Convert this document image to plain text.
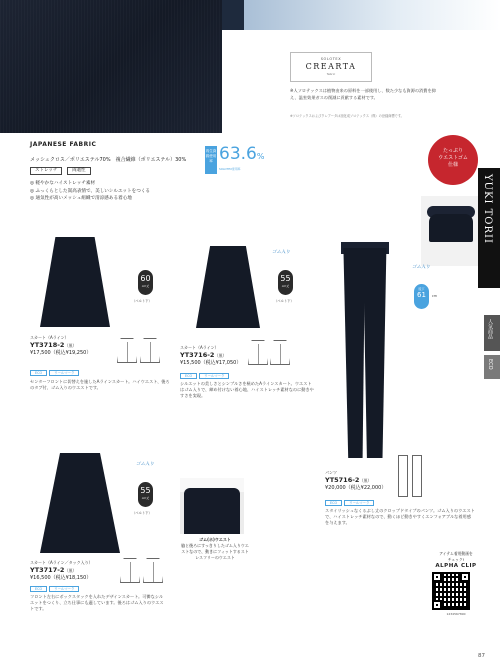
SOLOTEX
CREARTA
fabric
※人ソロテックスは植物由来の原料を一部使用し、数た少なも資源の消費を抑え、温室効果ガスの削減に貢献する素材です。
※ソロテックスおよびクレアータは旭化成ソロテックス（株）の登録商標です。
JAPANESE FABRIC
メッシュクロス／ポリエステル70%　複合繊維（ポリエステル）30%
ストレッチ	両適性
◎ 軽やかなハイストレッチ素材
◎ ふっくらとした嵩高表情で、美しいシルエットをつくる
◎ 通気性が高いメッシュ組織で清涼感ある着心地
再生資源使用率 63.6%
SOLOTEX使用率
たっぷり
ウエストゴム
仕様
YUKI TORII
人気商品
ECO
60
cm丈
（ベルト下）
スカート（Aライン）
YT3718-2（黒）
¥17,500（税込¥19,250）
ECO	ウールマーク
センターフロントに切替えを施したAラインスカート。ハイウエスト、後ろのタブ付、ゴム入りのウエストです。
ゴム入り
55
cm丈
（ベルト下）
スカート（Aライン）
YT3716-2（黒）
¥15,500（税込¥17,050）
ECO	ウールマーク
シルエットの美しさとシンプルさを極めたAラインスカート。ウエストはゴム入りで、締め付けない着心地、ハイストレッチ素材なのに動きやすさを実現。
ゴム入り
55
cm丈
（ベルト下）
スカート（Aライン／タック入り）
YT3717-2（黒）
¥16,500（税込¥18,150）
ECO	ウールマーク
フロント左右にボックスタックを入れたデザインスカート。可憐なシルエットをつくり、立ち仕事にも適しています。後ろはゴム入りのウエストです。
ゴム(ホ)ウエスト
脇と後ろにすっきりしたゴム入りウエストなので、動きにフィットするストレスフリーのウエスト
ゴム入り
股下
61	cm
パンツ
YT5716-2（黒）
¥20,000（税込¥22,000）
ECO	ウールマーク
スタイリッシュなくるぶし丈のクロップドタイプのパンツ。ゴム入りのウエストで、ハイストレッチ素材なので、動くほど動きやすくエンフォアブルな着用感を与えます。
アイテム着用動画を
チェック!
ALPHA CLIP
1234567890
87
